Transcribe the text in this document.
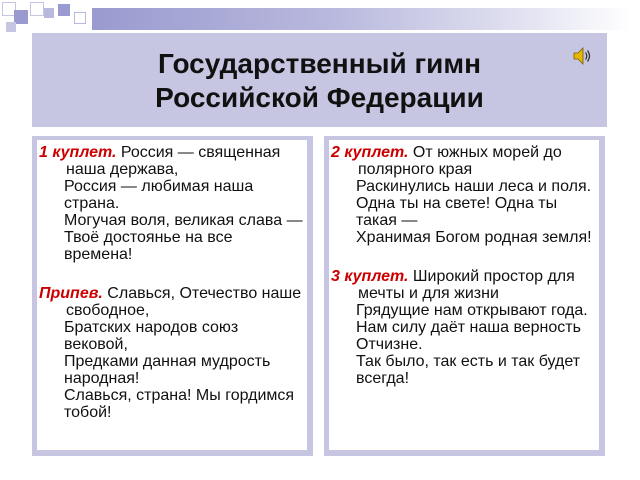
Государственный гимн
Российской Федерации

1 куплет. Россия — священная наша держава,

Россия — любимая наша страна.

Могучая воля, великая слава —

Твоё достоянье на все времена!

Припев. Славься, Отечество наше свободное,

Братских народов союз вековой,

Предками данная мудрость народная!

Славься, страна! Мы гордимся тобой!

2 куплет. От южных морей до полярного края

Раскинулись наши леса и поля.

Одна ты на свете! Одна ты такая —

Хранимая Богом родная земля!

3 куплет. Широкий простор для мечты и для жизни

Грядущие нам открывают года.

Нам силу даёт наша верность Отчизне.

Так было, так есть и так будет всегда!
